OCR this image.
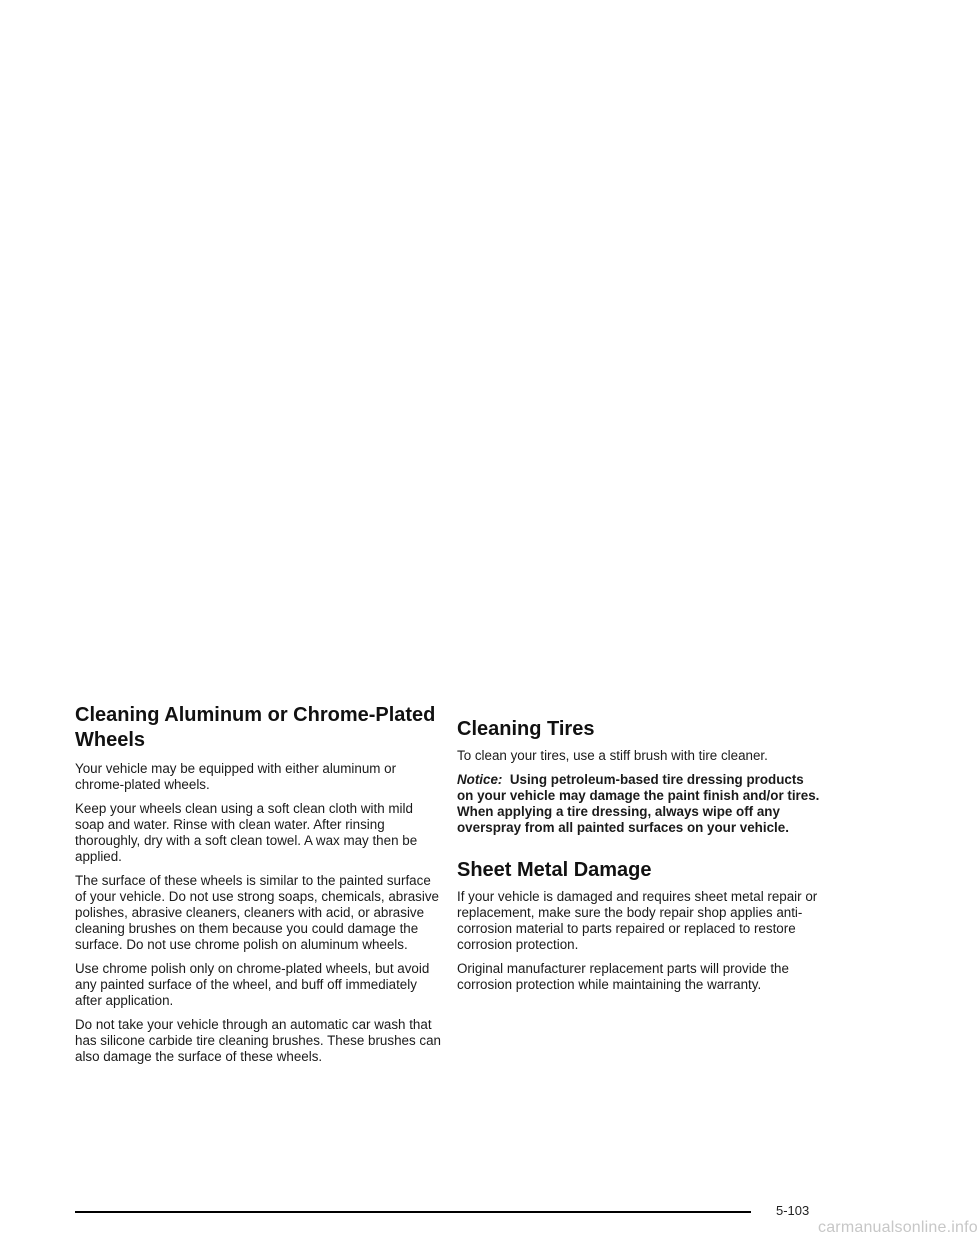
Cleaning Aluminum or Chrome-Plated Wheels

Your vehicle may be equipped with either aluminum or chrome-plated wheels.

Keep your wheels clean using a soft clean cloth with mild soap and water. Rinse with clean water. After rinsing thoroughly, dry with a soft clean towel. A wax may then be applied.

The surface of these wheels is similar to the painted surface of your vehicle. Do not use strong soaps, chemicals, abrasive polishes, abrasive cleaners, cleaners with acid, or abrasive cleaning brushes on them because you could damage the surface. Do not use chrome polish on aluminum wheels.

Use chrome polish only on chrome-plated wheels, but avoid any painted surface of the wheel, and buff off immediately after application.

Do not take your vehicle through an automatic car wash that has silicone carbide tire cleaning brushes. These brushes can also damage the surface of these wheels.

Cleaning Tires

To clean your tires, use a stiff brush with tire cleaner.

Notice: Using petroleum-based tire dressing products on your vehicle may damage the paint finish and/or tires. When applying a tire dressing, always wipe off any overspray from all painted surfaces on your vehicle.

Sheet Metal Damage

If your vehicle is damaged and requires sheet metal repair or replacement, make sure the body repair shop applies anti-corrosion material to parts repaired or replaced to restore corrosion protection.

Original manufacturer replacement parts will provide the corrosion protection while maintaining the warranty.

5-103
carmanualsonline.info
